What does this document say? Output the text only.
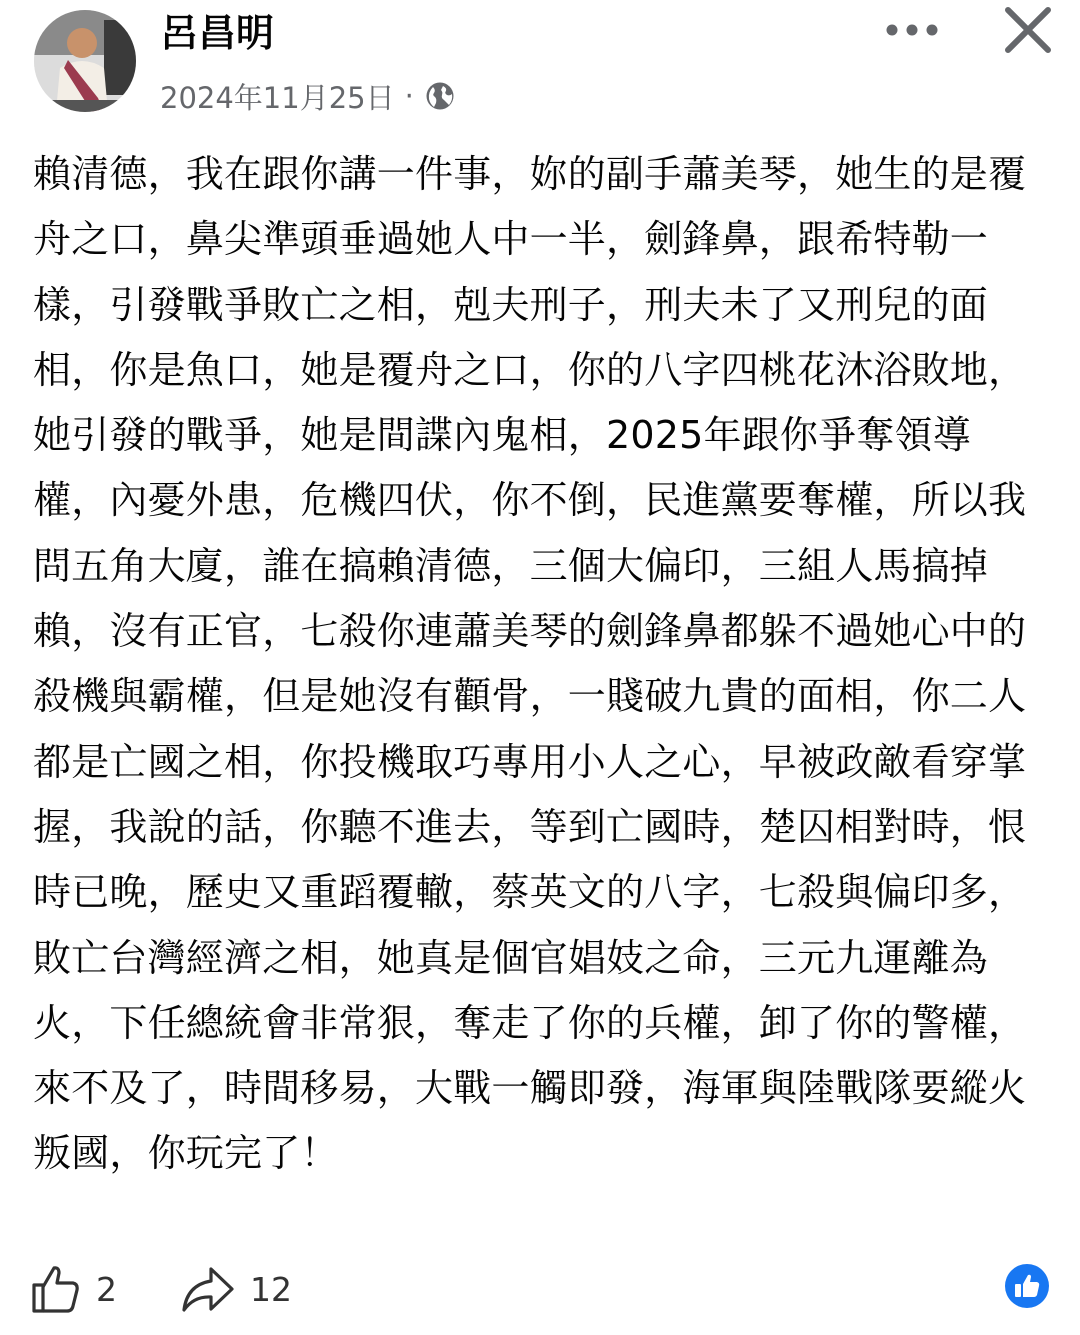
呂昌明
2024年11月25日 ·
賴清德，我在跟你講一件事，妳的副手蕭美琴，她生的是覆舟之口，鼻尖準頭垂過她人中一半，劍鋒鼻，跟希特勒一樣，引發戰爭敗亡之相，剋夫刑子，刑夫未了又刑兒的面相，你是魚口，她是覆舟之口，你的八字四桃花沐浴敗地，她引發的戰爭，她是間諜內鬼相，2025年跟你爭奪領導權，內憂外患，危機四伏，你不倒，民進黨要奪權，所以我問五角大廈，誰在搞賴清德，三個大偏印，三組人馬搞掉賴，沒有正官，七殺你連蕭美琴的劍鋒鼻都躲不過她心中的殺機與霸權，但是她沒有顴骨，一賤破九貴的面相，你二人都是亡國之相，你投機取巧專用小人之心，早被政敵看穿掌握，我說的話，你聽不進去，等到亡國時，楚囚相對時，恨時已晚，歷史又重蹈覆轍，蔡英文的八字，七殺與偏印多，敗亡台灣經濟之相，她真是個官娼妓之命，三元九運離為火，下任總統會非常狠，奪走了你的兵權，卸了你的警權，來不及了，時間移易，大戰一觸即發，海軍與陸戰隊要縱火叛國，你玩完了！
2	12
